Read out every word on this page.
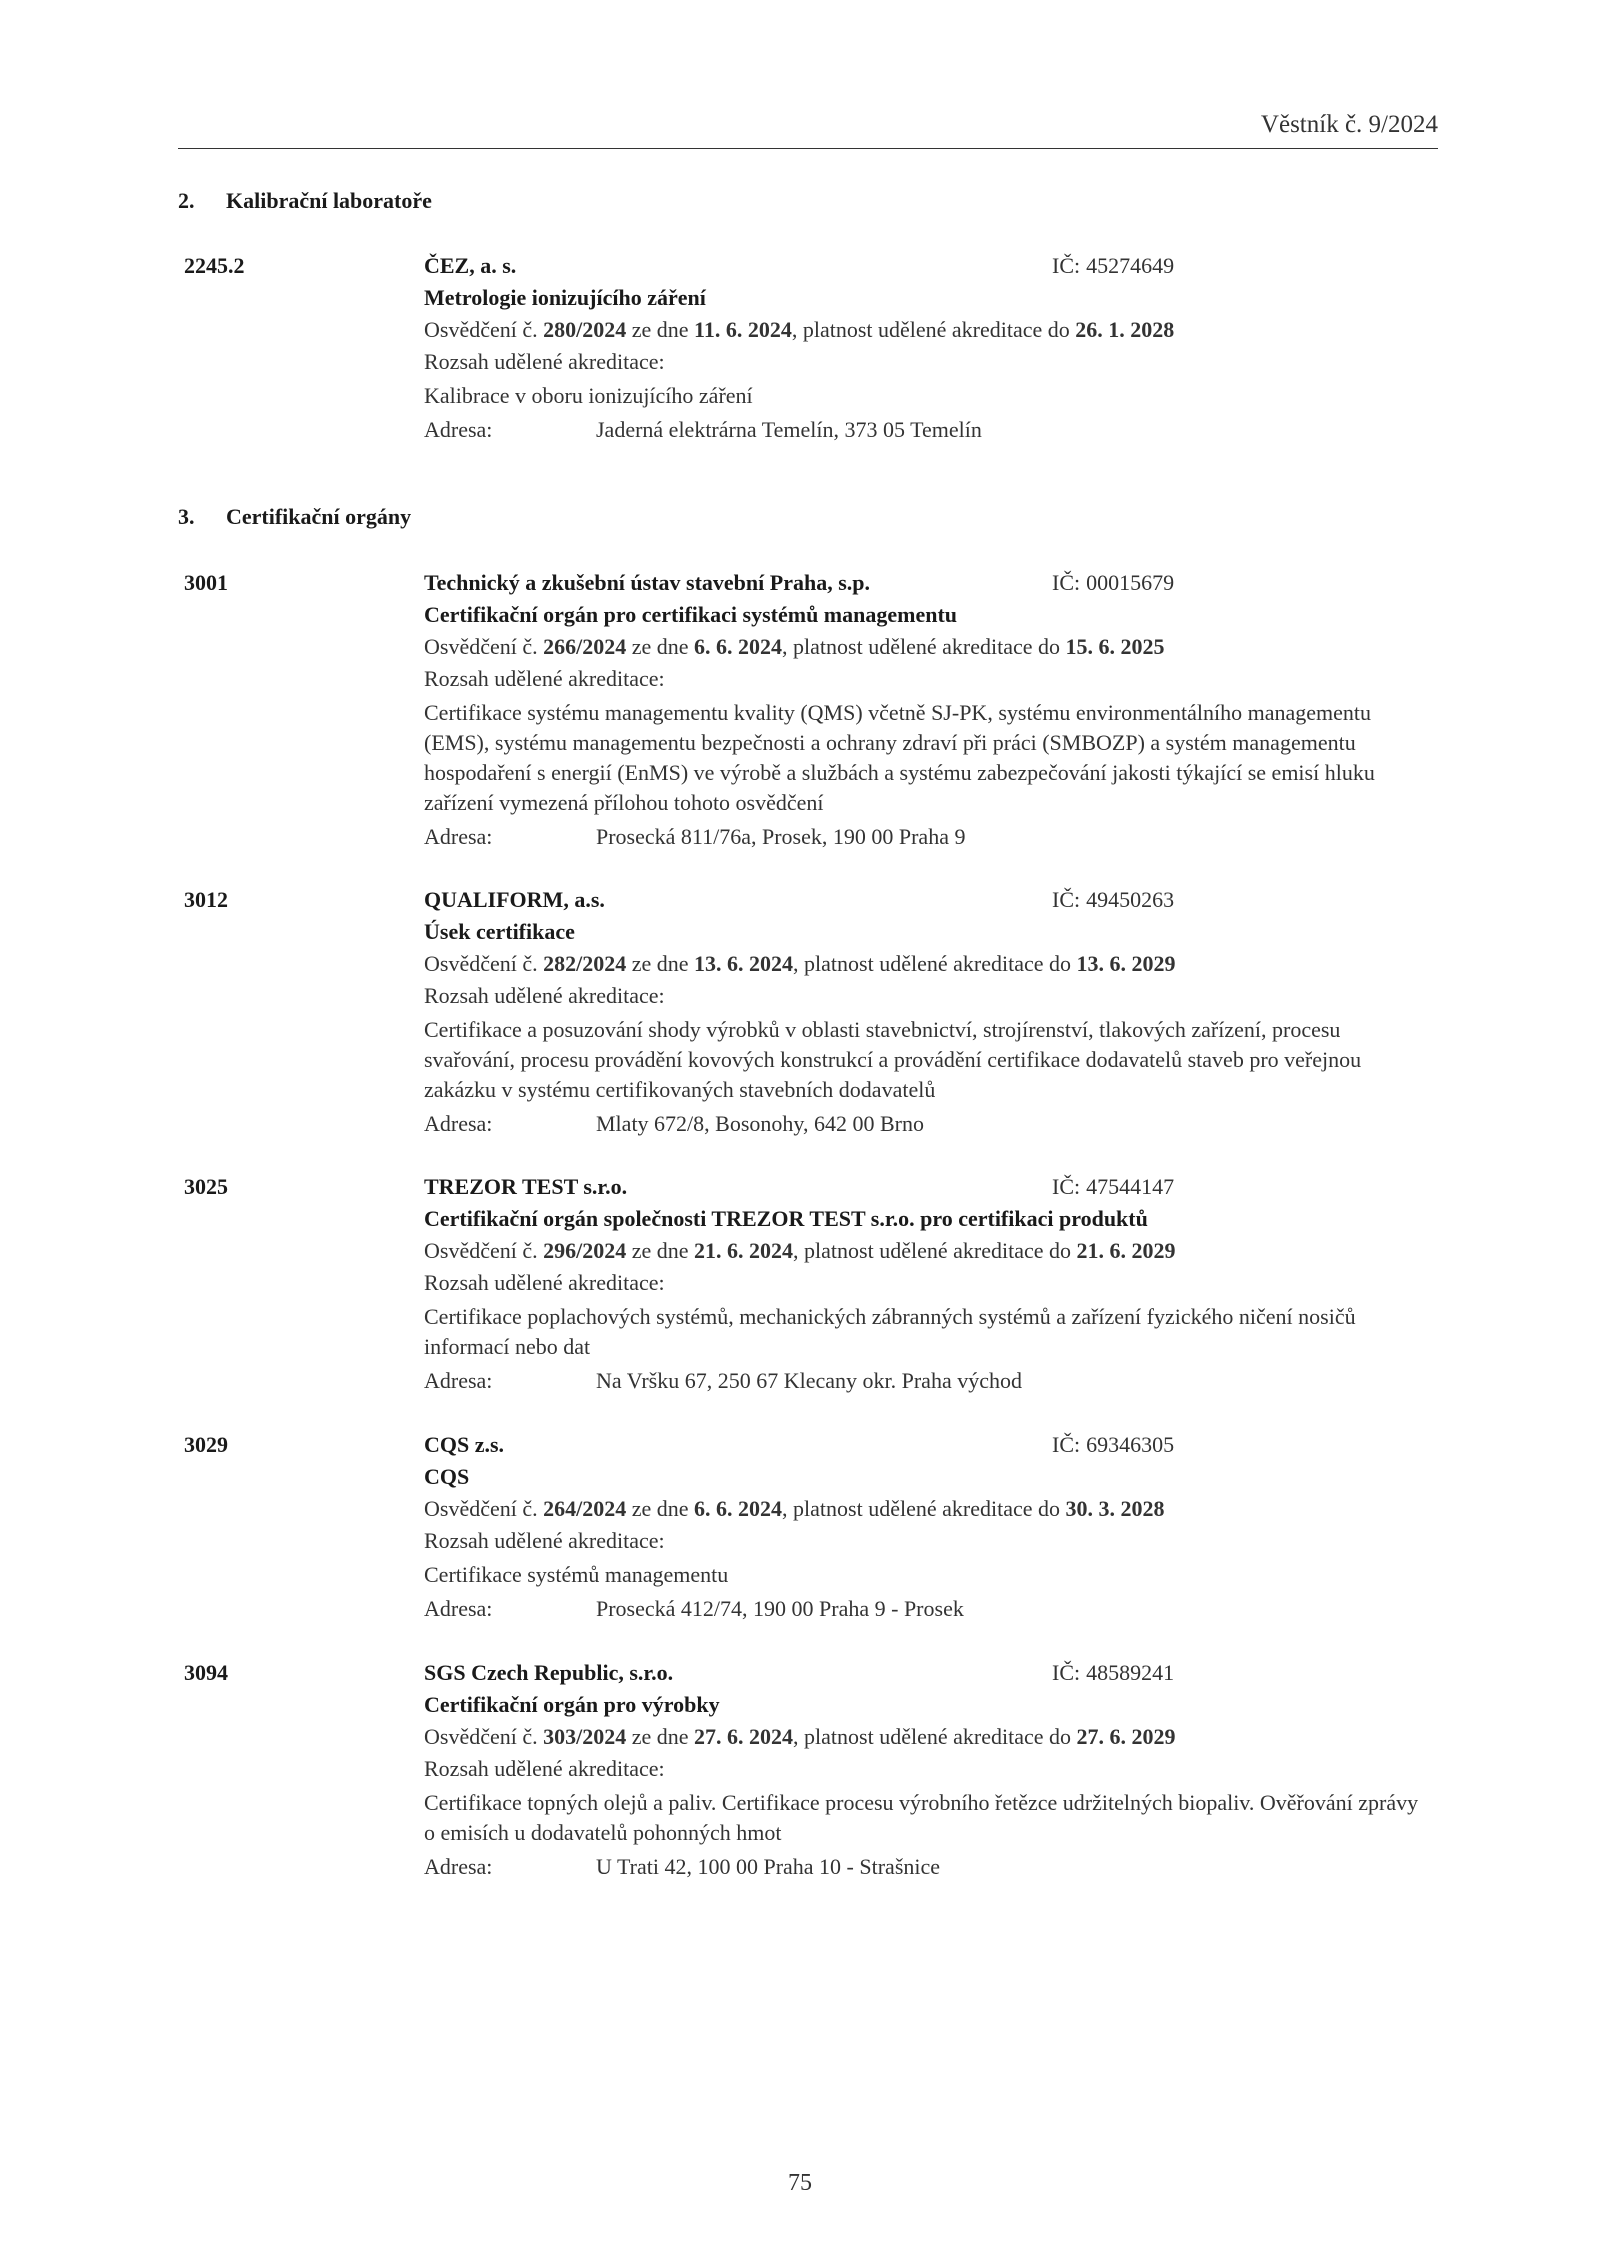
Věstník č. 9/2024
2. Kalibrační laboratoře
3. Certifikační orgány
2245.2	ČEZ, a. s.	IČ: 45274649
Metrologie ionizujícího záření
Osvědčení č. 280/2024 ze dne 11. 6. 2024, platnost udělené akreditace do 26. 1. 2028
Rozsah udělené akreditace:
Kalibrace v oboru ionizujícího záření
Adresa:	Jaderná elektrárna Temelín, 373 05 Temelín
3001	Technický a zkušební ústav stavební Praha, s.p.	IČ: 00015679
Certifikační orgán pro certifikaci systémů managementu
Osvědčení č. 266/2024 ze dne 6. 6. 2024, platnost udělené akreditace do 15. 6. 2025
Rozsah udělené akreditace:
Certifikace systému managementu kvality (QMS) včetně SJ-PK, systému environmentálního managementu (EMS), systému managementu bezpečnosti a ochrany zdraví při práci (SMBOZP) a systém managementu hospodaření s energií (EnMS) ve výrobě a službách a systému zabezpečování jakosti týkající se emisí hluku zařízení vymezená přílohou tohoto osvědčení
Adresa:	Prosecká 811/76a, Prosek, 190 00 Praha 9
3012	QUALIFORM, a.s.	IČ: 49450263
Úsek certifikace
Osvědčení č. 282/2024 ze dne 13. 6. 2024, platnost udělené akreditace do 13. 6. 2029
Rozsah udělené akreditace:
Certifikace a posuzování shody výrobků v oblasti stavebnictví, strojírenství, tlakových zařízení, procesu svařování, procesu provádění kovových konstrukcí a provádění certifikace dodavatelů staveb pro veřejnou zakázku v systému certifikovaných stavebních dodavatelů
Adresa:	Mlaty 672/8, Bosonohy, 642 00 Brno
3025	TREZOR TEST s.r.o.	IČ: 47544147
Certifikační orgán společnosti TREZOR TEST s.r.o. pro certifikaci produktů
Osvědčení č. 296/2024 ze dne 21. 6. 2024, platnost udělené akreditace do 21. 6. 2029
Rozsah udělené akreditace:
Certifikace poplachových systémů, mechanických zábranných systémů a zařízení fyzického ničení nosičů informací nebo dat
Adresa:	Na Vršku 67, 250 67 Klecany okr. Praha východ
3029	CQS z.s.	IČ: 69346305
CQS
Osvědčení č. 264/2024 ze dne 6. 6. 2024, platnost udělené akreditace do 30. 3. 2028
Rozsah udělené akreditace:
Certifikace systémů managementu
Adresa:	Prosecká 412/74, 190 00 Praha 9 - Prosek
3094	SGS Czech Republic, s.r.o.	IČ: 48589241
Certifikační orgán pro výrobky
Osvědčení č. 303/2024 ze dne 27. 6. 2024, platnost udělené akreditace do 27. 6. 2029
Rozsah udělené akreditace:
Certifikace topných olejů a paliv. Certifikace procesu výrobního řetězce udržitelných biopaliv. Ověřování zprávy o emisích u dodavatelů pohonných hmot
Adresa:	U Trati 42, 100 00 Praha 10 - Strašnice
75
